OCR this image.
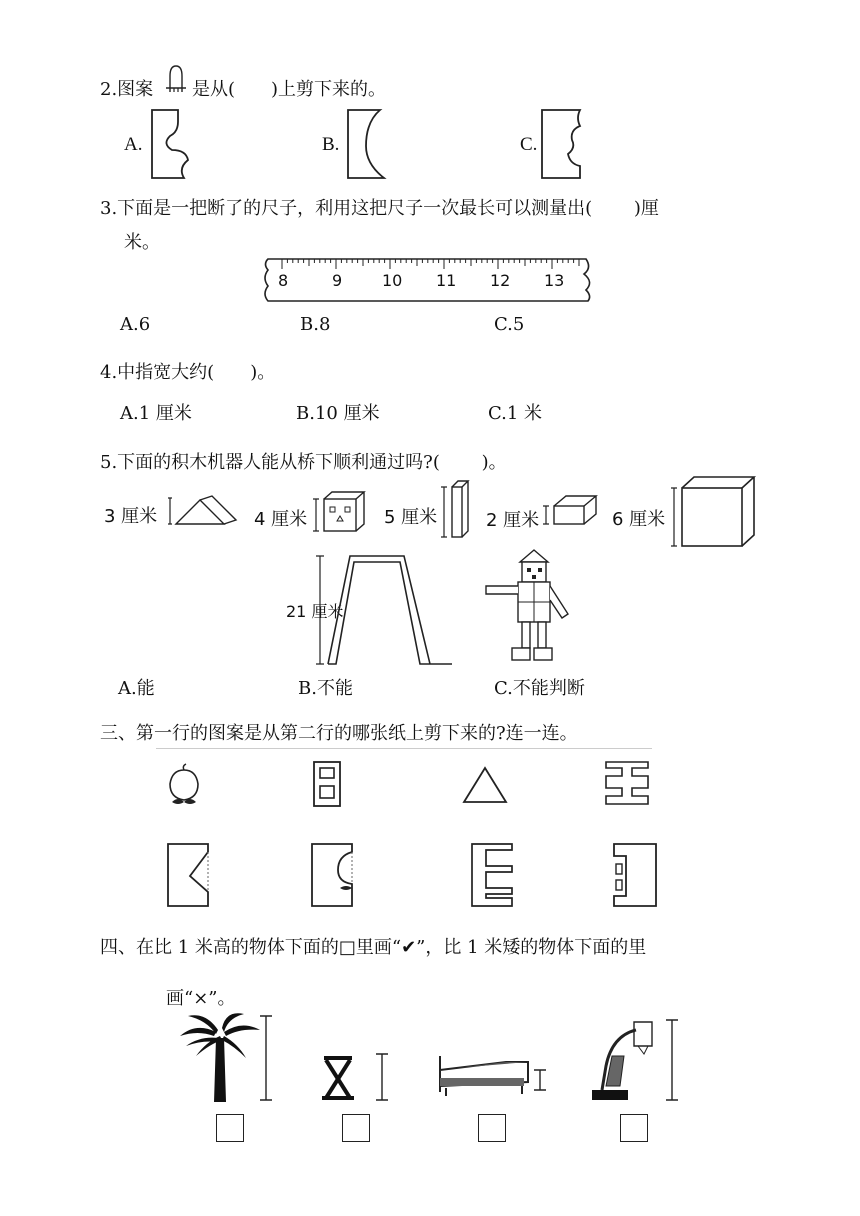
2.图案 是从(　　)上剪下来的。
A.	B.	C.
3.下面是一把断了的尺子，利用这把尺子一次最长可以测量出(　　 )厘
米。
8	9 10 11 12 13
A.6	B.8	C.5
4.中指宽大约(　　)。
A.1 厘米	B.10 厘米	C.1 米
5.下面的积木机器人能从桥下顺利通过吗?(　　 )。
3 厘米	4 厘米	5 厘米	2 厘米	6 厘米
21 厘米
A.能	B.不能	C.不能判断
三、第一行的图案是从第二行的哪张纸上剪下来的?连一连。
四、在比 1 米高的物体下面的□里画“✔”，比 1 米矮的物体下面的里
画“×”。
